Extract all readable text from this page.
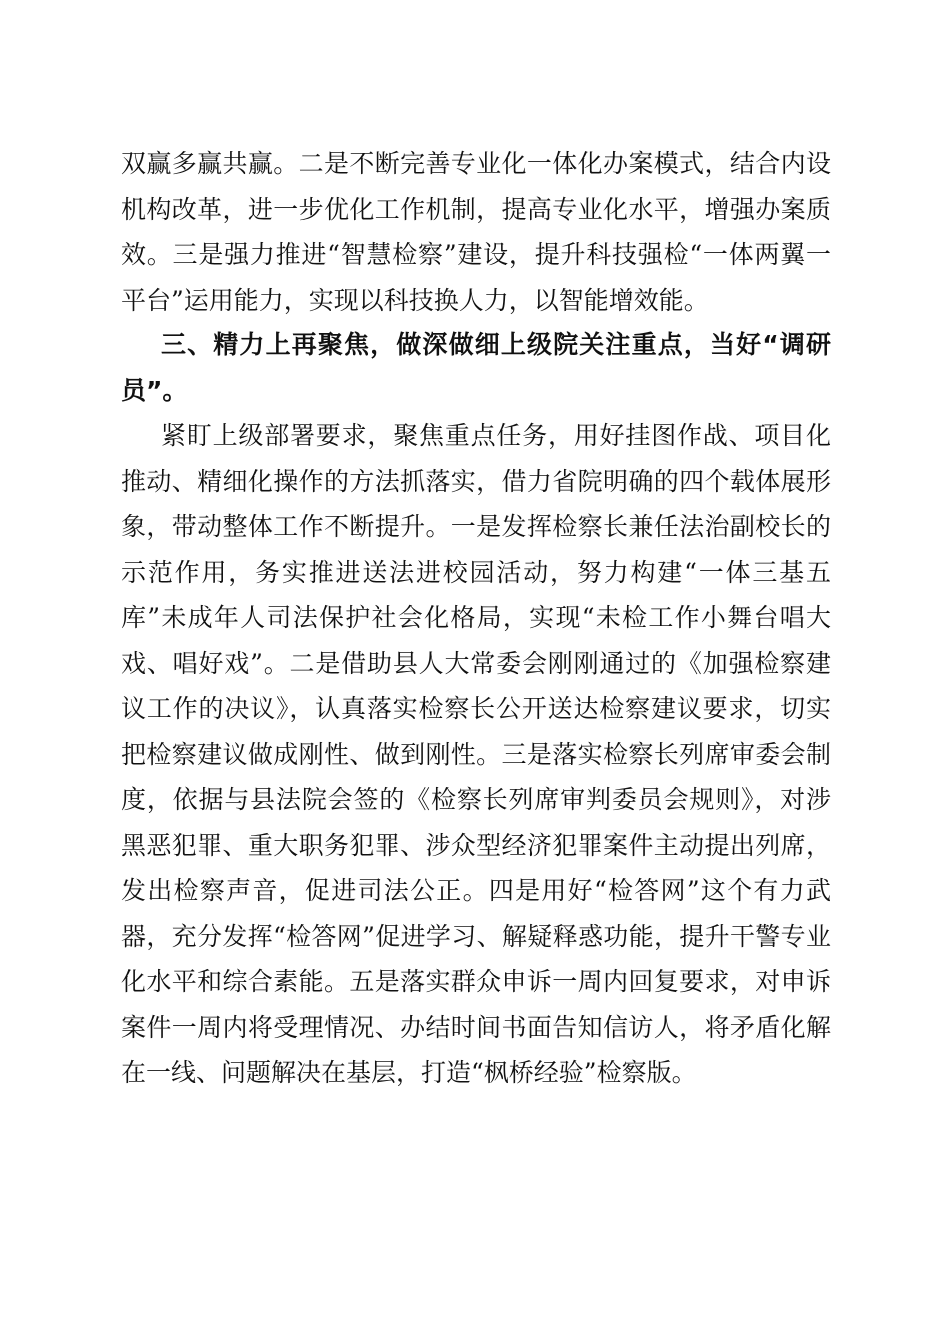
双赢多赢共赢。二是不断完善专业化一体化办案模式，结合内设机构改革，进一步优化工作机制，提高专业化水平，增强办案质效。三是强力推进“智慧检察”建设，提升科技强检“一体两翼一平台”运用能力，实现以科技换人力，以智能增效能。

三、精力上再聚焦，做深做细上级院关注重点，当好“调研员”。

紧盯上级部署要求，聚焦重点任务，用好挂图作战、项目化推动、精细化操作的方法抓落实，借力省院明确的四个载体展形象，带动整体工作不断提升。一是发挥检察长兼任法治副校长的示范作用，务实推进送法进校园活动，努力构建“一体三基五库”未成年人司法保护社会化格局，实现“未检工作小舞台唱大戏、唱好戏”。二是借助县人大常委会刚刚通过的《加强检察建议工作的决议》，认真落实检察长公开送达检察建议要求，切实把检察建议做成刚性、做到刚性。三是落实检察长列席审委会制度，依据与县法院会签的《检察长列席审判委员会规则》，对涉黑恶犯罪、重大职务犯罪、涉众型经济犯罪案件主动提出列席，发出检察声音，促进司法公正。四是用好“检答网”这个有力武器，充分发挥“检答网”促进学习、解疑释惑功能，提升干警专业化水平和综合素能。五是落实群众申诉一周内回复要求，对申诉案件一周内将受理情况、办结时间书面告知信访人，将矛盾化解在一线、问题解决在基层，打造“枫桥经验”检察版。
